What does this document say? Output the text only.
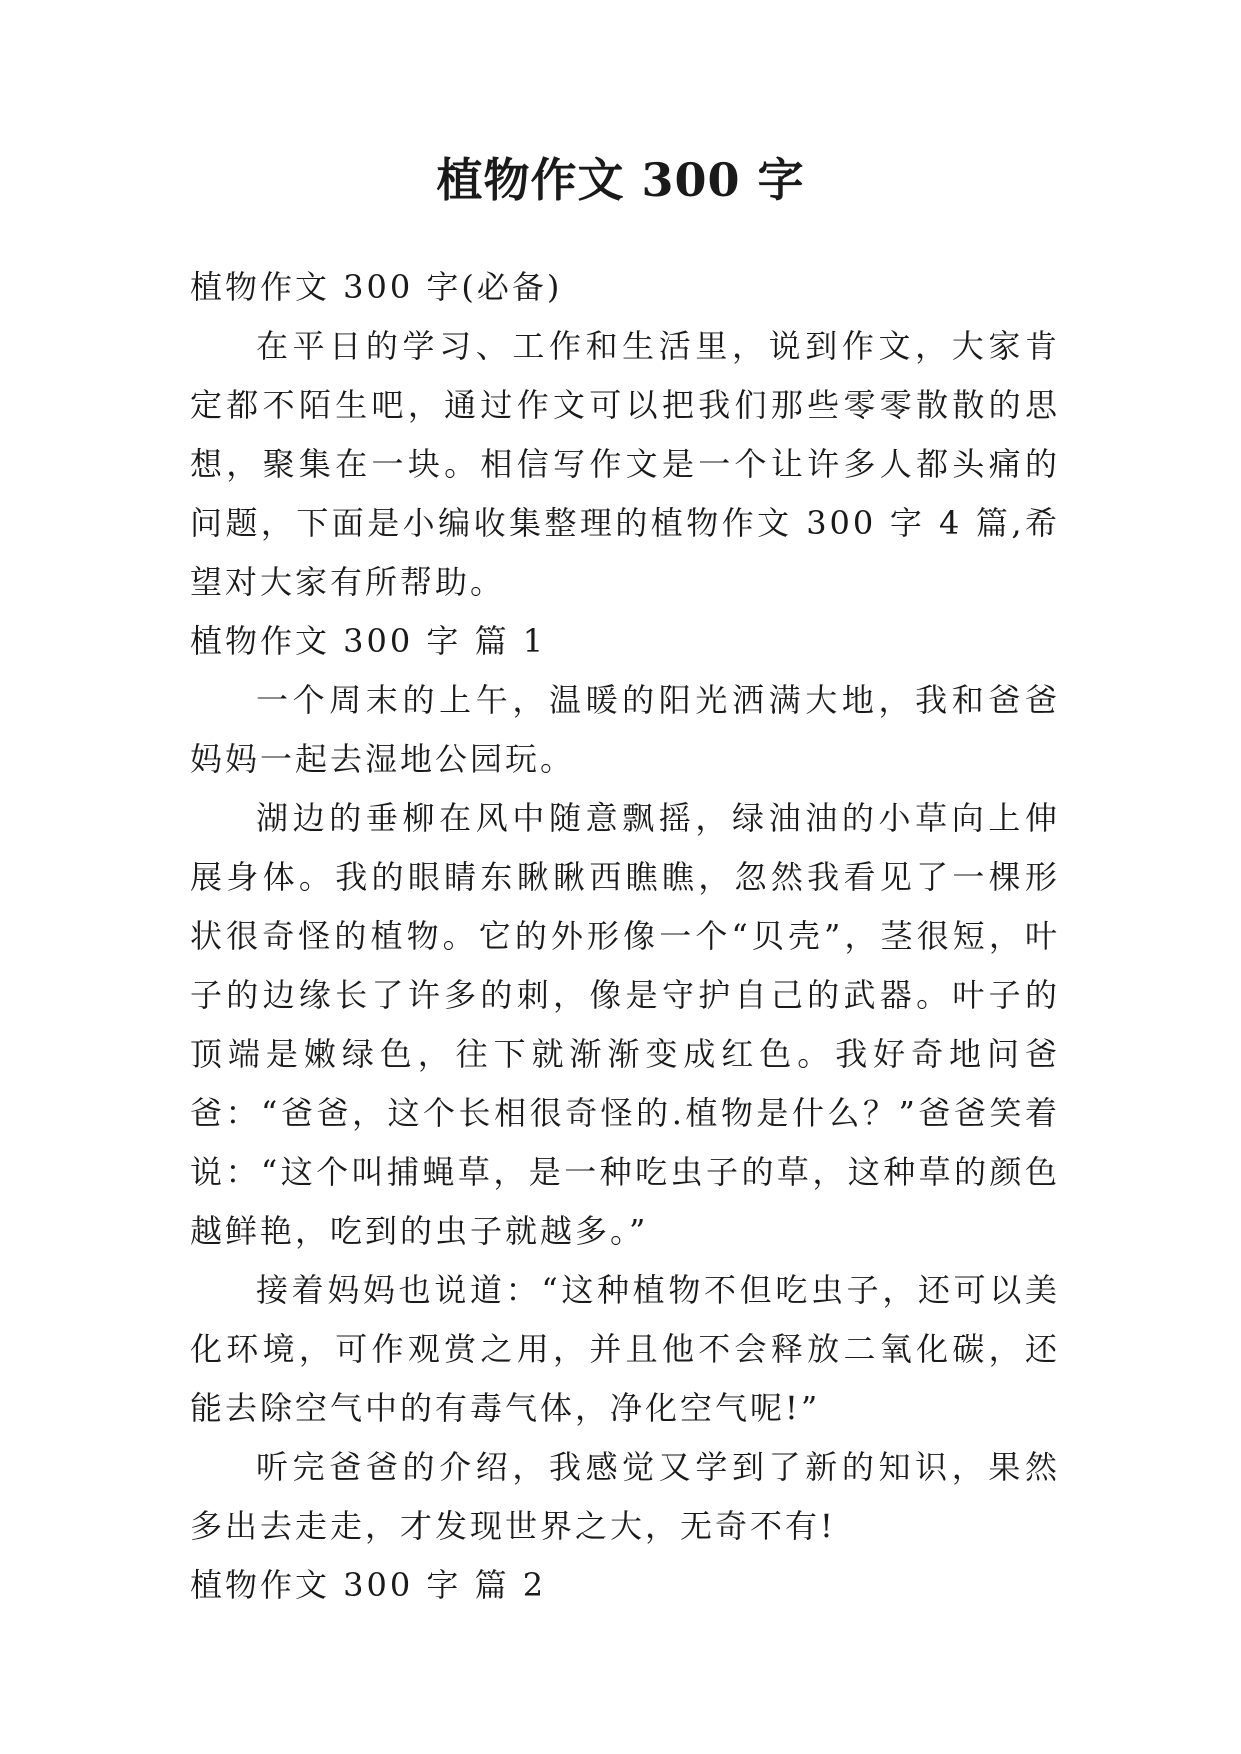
植物作文 300 字
植物作文 300 字(必备)
在平日的学习、工作和生活里，说到作文，大家肯定都不陌生吧，通过作文可以把我们那些零零散散的思想，聚集在一块。相信写作文是一个让许多人都头痛的问题，下面是小编收集整理的植物作文 300 字 4 篇,希望对大家有所帮助。
植物作文 300 字 篇 1
一个周末的上午，温暖的阳光洒满大地，我和爸爸妈妈一起去湿地公园玩。
湖边的垂柳在风中随意飘摇，绿油油的小草向上伸展身体。我的眼睛东瞅瞅西瞧瞧，忽然我看见了一棵形状很奇怪的植物。它的外形像一个“贝壳”，茎很短，叶子的边缘长了许多的刺，像是守护自己的武器。叶子的顶端是嫩绿色，往下就渐渐变成红色。我好奇地问爸爸：“爸爸，这个长相很奇怪的.植物是什么？”爸爸笑着说：“这个叫捕蝇草，是一种吃虫子的草，这种草的颜色越鲜艳，吃到的虫子就越多。”
接着妈妈也说道：“这种植物不但吃虫子，还可以美化环境，可作观赏之用，并且他不会释放二氧化碳，还能去除空气中的有毒气体，净化空气呢!”
听完爸爸的介绍，我感觉又学到了新的知识，果然多出去走走，才发现世界之大，无奇不有!
植物作文 300 字 篇 2
